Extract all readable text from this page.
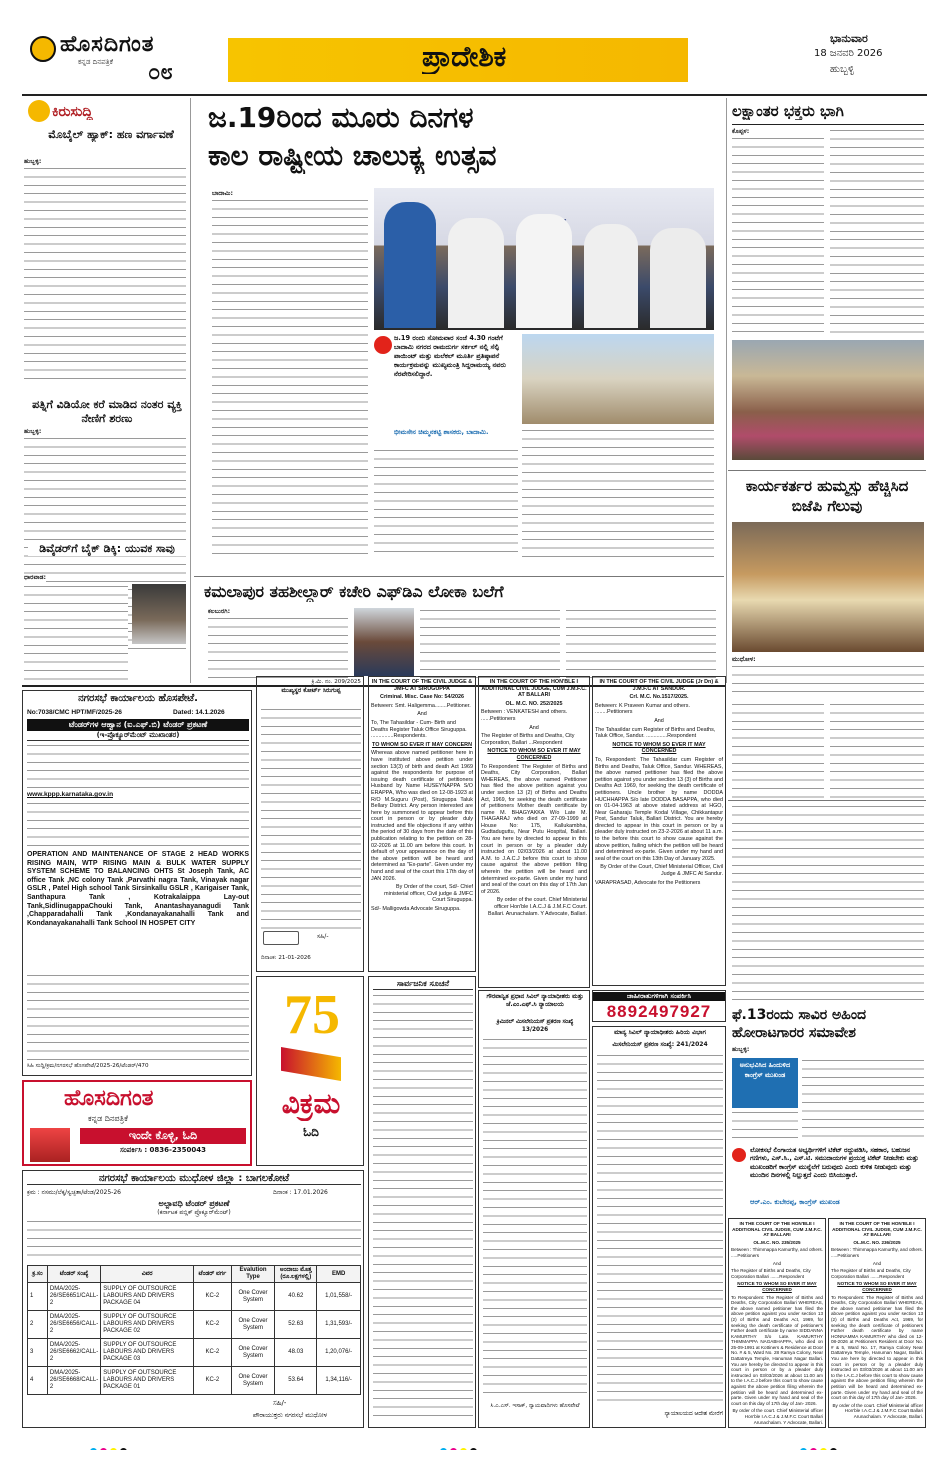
ಹೊಸದಿಗಂತ
ಕನ್ನಡ ದಿನಪತ್ರಿಕೆ ೦೮	ಪ್ರಾದೇಶಿಕ
ಭಾನುವಾರ
18 ಜನವರಿ 2026
ಹುಬ್ಬಳ್ಳಿ
ಕಿರುಸುದ್ದಿ
ಮೊಬೈಲ್ ಹ್ಯಾಕ್: ಹಣ ವರ್ಗಾವಣೆ
ಹುಬ್ಬಳ್ಳಿ:
ಪತ್ನಿಗೆ ವಿಡಿಯೋ ಕರೆ ಮಾಡಿದ ನಂತರ ವ್ಯಕ್ತಿ ನೇಣಿಗೆ ಶರಣು
ಹುಬ್ಬಳ್ಳಿ:
ಡಿವೈಡರ್‌ಗೆ ಬೈಕ್ ಡಿಕ್ಕಿ: ಯುವಕ ಸಾವು
ಧಾರವಾಡ:
ಜ.19ರಿಂದ ಮೂರು ದಿನಗಳ
ಕಾಲ ರಾಷ್ಟ್ರೀಯ ಚಾಲುಕ್ಯ ಉತ್ಸವ
ಬಾದಾಮಿ:
ಜ.19 ರಂದು ಸೋಮವಾರ ಸಂಜೆ 4.30 ಗಂಟೆಗೆ ಬಾದಾಮಿ ನಗರದ ರಾಮದುರ್ಗ ಸರ್ಕಲ್ ನಲ್ಲಿ ಸೆಲ್ಫಿ ಪಾಯಿಂಟ್ ಮತ್ತು ಮಲೆಕಲ್ ಮೂರ್ತಿ ಪ್ರತಿಷ್ಠಾಪನೆ ಕಾರ್ಯಕ್ರಮವನ್ನು ಮುಖ್ಯಮಂತ್ರಿ ಸಿದ್ದರಾಮಯ್ಯ ನವರು ನೆರವೇರಿಸಲಿದ್ದಾರೆ.
ಭೀಮಸೇನ ಚಿಮ್ಮನಕಟ್ಟಿ ಶಾಸಕರು, ಬಾದಾಮಿ.
ಲಕ್ಷಾಂತರ ಭಕ್ತರು ಭಾಗಿ
ಕೊಪ್ಪಳ:
ಕಾರ್ಯಕರ್ತರ ಹುಮ್ಮಸ್ಸು ಹೆಚ್ಚಿಸಿದ ಬಿಜೆಪಿ ಗೆಲುವು
ಮುಧೋಳ:
ಕಮಲಾಪುರ ತಹಶೀಲ್ದಾರ್ ಕಚೇರಿ ಎಫ್‌ಡಿಎ ಲೋಕಾ ಬಲೆಗೆ
ಕಲಬುರಗಿ:
ನಗರಸಭೆ ಕಾರ್ಯಾಲಯ ಹೊಸಪೇಟೆ.
No:7038/CMC HPT/MF/2025-26	Dated: 14.1.2026
ಟೆಂಡರ್‌ಗಳ ಆಹ್ವಾನ (ಐ.ಎಫ್.ಬಿ) ಟೆಂಡರ್ ಪ್ರಕಟಣೆ
(ಇ-ಪ್ರೊಕ್ಯೂರ್‌ಮೆಂಟ್ ಮುಖಾಂತರ)
www.kppp.karnataka.gov.in
OPERATION AND MAINTENANCE OF STAGE 2 HEAD WORKS RISING MAIN, WTP RISING MAIN & BULK WATER SUPPLY SYSTEM SCHEME TO BALANCING OHTS St Joseph Tank, AC office Tank ,NC colony Tank ,Parvathi nagra Tank, Vinayak nagar GSLR , Patel High school Tank Sirsinkallu GSLR , Karigaiser Tank, Santhapura Tank , Kotrakalaippa Lay-out Tank,SidlinugappaChouki Tank, Anantashayanagudi Tank ,Chapparadahalli Tank ,Kondanayakanahalli Tank and Kondanayakanahalli Tank School IN HOSPET CITY
ಸಿಹಿ ಸುದ್ದಿ/ಕ್ರಮ/ನಗರಸಭೆ ಹೊಸಪೇಟೆ/2025-26/ಟೆಂಡರ್/470
ಕ್ರಿ.ಮಿ. ನಂ. 209/2025
ಮುಖ್ಯಸ್ಥರ ಕೋರ್ಟ್ ಸಿರುಗುಪ್ಪ
ಸಹಿ/-
ದಿನಾಂಕ: 21-01-2026

IN THE COURT OF THE CIVIL JUDGE & JMFC AT SIRUGUPPA

Criminal. Misc. Case No: 54/2026

Between: Smt. Haligemma........Petitioner.

And

To, The Tahasildar - Cum- Birth and Deaths Register Taluk Office Siruguppa. ...............Respondents.

TO WHOM SO EVER IT MAY CONCERN

Whereas above named petitioner here in have instituted above petition under section 13(3) of birth and death Act 1969 against the respondents for purpose of issuing death certificate of petitioners Husband by Name HUSEYNAPPA S/O ERAPPA, Who was died on 12-08-1923 at R/O M.Suguru (Post), Siruguppa Taluk Bellary District. Any person interested are here by summoned to appear before this court in person or by pleader duly instructed and file objections if any within the period of 30 days from the date of this publication relating to the petition on 28-02-2026 at 11.00 am before this court. In default of your appearance on the day of the above petition will be heard and determined as "Ex-parte". Given under my hand and seal of the court this 17th day of JAN 2026.

By Order of the court, Sd/- Chief ministerial officer, Civil judge & JMFC Court Siruguppa.

Sd/- Malligowda Advocate Siruguppa.

IN THE COURT OF THE HON'BLE I ADDITIONAL CIVIL JUDGE, CUM J.M.F.C. AT BALLARI

OL. M.C. NO. 252/2025

Between : VENKATESH and others. ......Petitioners

And

The Register of Births and Deaths, City Corporation, Ballari ...Respondent

NOTICE TO WHOM SO EVER IT MAY CONCERNED

To Respondent: The Register of Births and Deaths, City Corporation, Ballari WHEREAS, the above named Petitioner has filed the above petition against you under section 13 (2) of Births and Deaths Act, 1969, for seeking the death certificate of petitioners Mother death certificate by name M. BHAGYAKKA W/o Late M. THAGARAJ who died on 27-09-1999 at House No: 175, Kallukambha, Gudtaduguttu, Near Putu Hospital, Ballari. You are here by directed to appear in this court in person or by a pleader duly instructed on 02/03/2026 at about 11.00 A.M. to J.A.C.J before this court to show cause against the above petition filing wherein the petition will be heard and determined ex-parte. Given under my hand and seal of the court on this day of 17th Jan of 2026.

By order of the court. Chief Ministerial officer Hon'ble I.A.C.J & J.M.F.C Court. Ballari. Arunachalam. Y Advocate, Ballari.

IN THE COURT OF THE CIVIL JUDGE (Jr Dn) & J.M.F.C AT SANDUR.

Crl. M.C. No.1517/2025.

Between: K Praveen Kumar and others. ........Petitioners

And

The Tahasildar cum Register of Births and Deaths, Taluk Office, Sandur. ..............Respondent

NOTICE TO WHOM SO EVER IT MAY CONCERNED

To, Respondent: The Tahasildar cum Register of Births and Deaths, Taluk Office, Sandur. WHEREAS, the above named petitioner has filed the above petition against you under section 13 (3) of Births and Deaths Act 1969, for seeking the death certificate of petitioners. Uncle brother by name DODDA HUCHHAPPA S/o late DODDA BASAPPA, who died on 01-04-1963 at above stated address at HGO, Near Gaharaju Temple Kodal Village, Chikkantapur Post, Sandur Taluk, Ballari District. You are hereby directed to appear in this court in person or by a pleader duly instructed on 23-2-2026 at about 11 a.m. to the before this court to show cause against the above petition, failing which the petition will be heard and determined ex-parte. Given under my hand and seal of the court on this 13th Day of January 2025.

By Order of the Court, Chief Ministerial Officer, Civil Judge & JMFC At Sandur.

VARAPRASAD, Advocate for the Petitioners

ಜಾಹೀರಾತುಗಳಿಗಾಗಿ ಸಂಪರ್ಕಿಸಿ
8892497927
ಸಾರ್ವಜನಿಕ ಸೂಚನೆ
ಗೌರವಾನ್ವಿತ ಪ್ರಧಾನ ಸಿವಿಲ್ ನ್ಯಾಯಾಧೀಶರು ಮತ್ತು ಜೆ.ಎಂ.ಎಫ್.ಸಿ ನ್ಯಾಯಾಲಯ
ಕ್ರಿಮಿನಲ್ ಮಿಸಲೇನಿಯಸ್ ಪ್ರಕರಣ ಸಂಖ್ಯೆ 13/2026
ಸಿ.ಎ.ಎಸ್. ಇಸಾಕ್, ನ್ಯಾಯವಾದಿಗಳು ಹೊಸಪೇಟೆ
ಮಾನ್ಯ ಸಿವಿಲ್ ನ್ಯಾಯಾಧೀಶರು ಹಿರಿಯ ವಿಭಾಗ
ಮಿಸಲೇನಿಯಸ್ ಪ್ರಕರಣ ಸಂಖ್ಯೆ: 241/2024
ನ್ಯಾಯಾಲಯದ ಆದೇಶ ಮೇರೆಗೆ
ಹೊಸದಿಗಂತ
ಕನ್ನಡ ದಿನಪತ್ರಿಕೆ
ಇಂದೇ ಕೊಳ್ಳಿ, ಓದಿ
ಸಂಪರ್ಕಿಸಿ : 0836-2350043
75
ವಿಕ್ರಮ
ಓದಿ
ನಗರಸಭೆ ಕಾರ್ಯಾಲಯ ಮುಧೋಳ ಜಿಲ್ಲಾ : ಬಾಗಲಕೋಟೆ
ಕ್ರಮ : ನಸಮು/ಲೆಕ್ಕ/ಸ್ವಚ್ಛತಾ/ಟೆಂಡ/2025-26	ದಿನಾಂಕ : 17.01.2026
ಅಲ್ಪಾವಧಿ ಟೆಂಡರ್ ಪ್ರಕಟಣೆ
(ಕರ್ನಾಟಕ ಪಬ್ಲಿಕ್ ಪ್ರೊಕ್ಯೂರ್‌ಮೆಂಟ್)
ಕ್ರ.ಸಂ	ಟೆಂಡರ್ ಸಂಖ್ಯೆ	ವಿವರ	ಟೆಂಡರ್ ವರ್ಗ	Evalution Type	ಅಂದಾಜು ಮೊತ್ತ (ರೂ.ಲಕ್ಷಗಳಲ್ಲಿ)	EMD
1	DMA/2025-26/SE6651/CALL-2	SUPPLY OF OUTSOURCE LABOURS AND DRIVERS PACKAGE 04	KC-2	One Cover System	40.62	1,01,558/-
2	DMA/2025-26/SE6656/CALL-2	SUPPLY OF OUTSOURCE LABOURS AND DRIVERS PACKAGE 02	KC-2	One Cover System	52.63	1,31,593/-
3	DMA/2025-26/SE6662/CALL-2	SUPPLY OF OUTSOURCE LABOURS AND DRIVERS PACKAGE 03	KC-2	One Cover System	48.03	1,20,076/-
4	DMA/2025-26/SE6668/CALL-2	SUPPLY OF OUTSOURCE LABOURS AND DRIVERS PACKAGE 01	KC-2	One Cover System	53.64	1,34,116/-
ಸಹಿ/-
ಪೌರಾಯುಕ್ತರು ನಗರಸಭೆ ಮುಧೋಳ

IN THE COURT OF THE HON'BLE I ADDITIONAL CIVIL JUDGE, CUM J.M.F.C. AT BALLARI

OL.M.C. NO. 235/2025

Between : Thimmappa Kamurthy, and others. .....Petitioners

And

The Register of Births and Deaths, City Corporation Ballari .......Respondent

NOTICE TO WHOM SO EVER IT MAY CONCERNED

To Respondent: The Register of Births and Deaths, City Corporation Ballari WHEREAS, the above named petitioner has filed the above petition against you under section 13 (2) of Births and Deaths Act, 1969, for seeking the death certificate of petitioner's Father death certificate by name SIDDANNA KAMURTHY S/o Late. KAMURTHY THIMMAPPA NAGABHAPPA, who died on 25-09-1991 at Kottiners & Residence at Door No. # & 5, Ward No. 28 Ramya Colony, Near Dattatreya Temple, Hanuman Nagar Ballari. You are hereby be directed to appear in this court in person or by a pleader duly instructed on 03/03/2026 at about 11.00 am to the I.A.C.J before this court to show cause against the above petition filing wherein the petition will be heard and determined ex-parte. Given under my hand and seal of the court on this day of 17th day of Jan- 2026.

By order of the court. Chief Ministerial officer Hon'ble I.A.C.J & J.M.F.C Court Ballari Arunachalam. Y Advocate, Ballari.

IN THE COURT OF THE HON'BLE I ADDITIONAL CIVIL JUDGE, CUM J.M.F.C. AT BALLARI

OL.M.C. NO. 236/2025

Between : Thimmappa Kamurthy, and others. .....Petitioners

And

The Register of Births and Deaths, City Corporation Ballari .......Respondent

NOTICE TO WHOM SO EVER IT MAY CONCERNED

To Respondent: The Register of Births and Deaths, City Corporation Ballari WHEREAS, the above named petitioner has filed the above petition against you under section 13 (2) of Births and Deaths Act, 1969, for seeking the death certificate of petitioners Father death certificate by name HONNAMMA KAMURTHY who died on 12-08-2026 at Petitioners Resident at Door No. # & 5, Ward No. 17, Ramya Colony Near Dattatreya Temple, Hanuman Nagar, Ballari. You are here by directed to appear in this court in person or by a pleader duly instructed on 03/03/2026 at about 11.00 am to the I.A.C.J before this court to show cause against the above petition filing wherein the petition will be heard and determined ex-parte. Given under my hand and seal of the court on this day of 17th day of Jan- 2026.

By order of the court. Chief Ministerial officer Hon'ble I.A.C.J & J.M.F.C Court Ballari Arunachalam. Y Advocate, Ballari.

ಫೆ.13ರಂದು ಸಾವಿರ ಅಹಿಂದ ಹೋರಾಟಗಾರರ ಸಮಾವೇಶ
ಹುಬ್ಬಳ್ಳಿ:
ಅನುಭವಿಸಿದ ಹಿಂದುಳಿದ ಕಾಂಗ್ರೆಸ್ ಮುಖಂಡ
ಲೋಕಸಭೆ ಲಿಂಗಾಯತ ಅಭ್ಯರ್ಥಿಗಳಿಗೆ ಟಿಕೆಟ್ ರದ್ದುಪಡಿಸಿ, ಸಹಕಾರ, ಬಹುಜನ ಗಣಿಗಳು, ಎಸ್.ಸಿ., ಎಸ್.ಟಿ. ಸಮುದಾಯಗಳ ಪ್ರಯುಕ್ತ ಟಿಕೆಟ್ ನೀಡಬೇಕು ಮತ್ತು ಮುಖಂಡರಿಗೆ ಕಾಂಗ್ರೆಸ್ ಮುನ್ನೆಲೆಗೆ ಬರುವುದು ಎಂದು ಕುಳಿತ ನೀಡುವುದು ಮತ್ತು ಮುಂದಿನ ದಿನಗಳಲ್ಲಿ ನಿಲ್ಲುತ್ತದೆ ಎಂದು ಬಿಸಿಯುತ್ತಾರೆ.
ಆರ್.ಎಂ. ಕುಬೇರಪ್ಪ, ಕಾಂಗ್ರೆಸ್ ಮುಖಂಡ
